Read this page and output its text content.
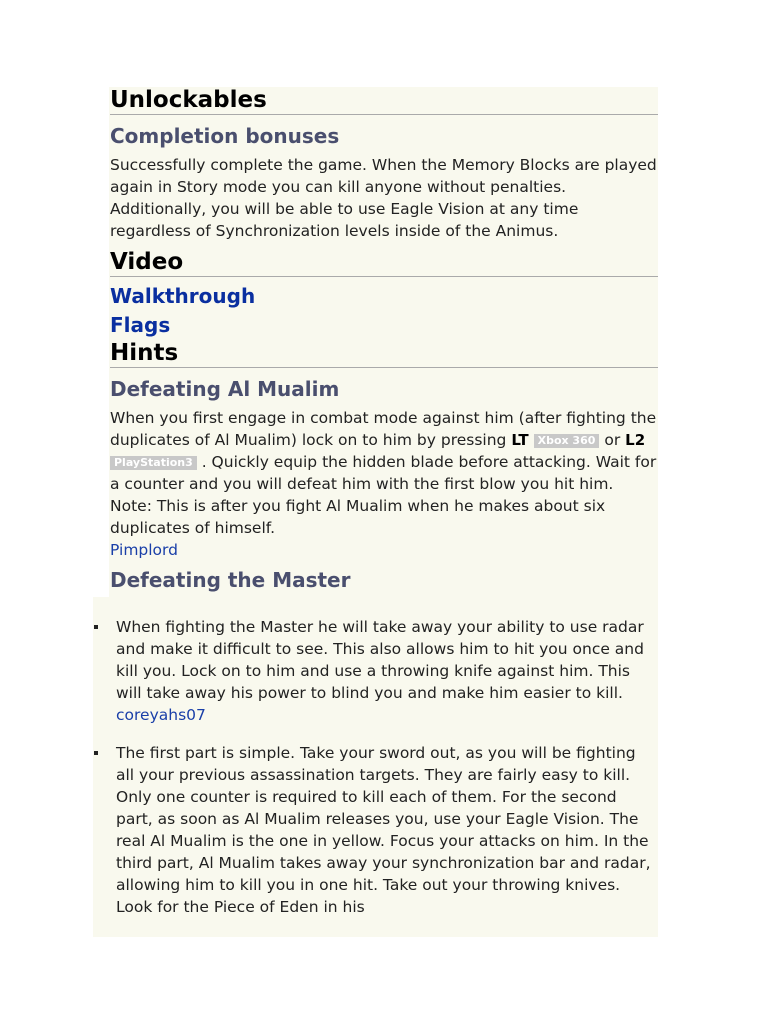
Unlockables
Completion bonuses

Successfully complete the game. When the Memory Blocks are played again in Story mode you can kill anyone without penalties. Additionally, you will be able to use Eagle Vision at any time regardless of Synchronization levels inside of the Animus.

Video
Walkthrough
Flags
Hints
Defeating Al Mualim

When you first engage in combat mode against him (after fighting the duplicates of Al Mualim) lock on to him by pressing LT Xbox 360 or L2PlayStation3 . Quickly equip the hidden blade before attacking. Wait for a counter and you will defeat him with the first blow you hit him. Note: This is after you fight Al Mualim when he makes about six duplicates of himself.
Pimplord

Defeating the Master
When fighting the Master he will take away your ability to use radar and make it difficult to see. This also allows him to hit you once and kill you. Lock on to him and use a throwing knife against him. This will take away his power to blind you and make him easier to kill.
coreyahs07
The first part is simple. Take your sword out, as you will be fighting all your previous assassination targets. They are fairly easy to kill. Only one counter is required to kill each of them. For the second part, as soon as Al Mualim releases you, use your Eagle Vision. The real Al Mualim is the one in yellow. Focus your attacks on him. In the third part, Al Mualim takes away your synchronization bar and radar, allowing him to kill you in one hit. Take out your throwing knives. Look for the Piece of Eden in his
